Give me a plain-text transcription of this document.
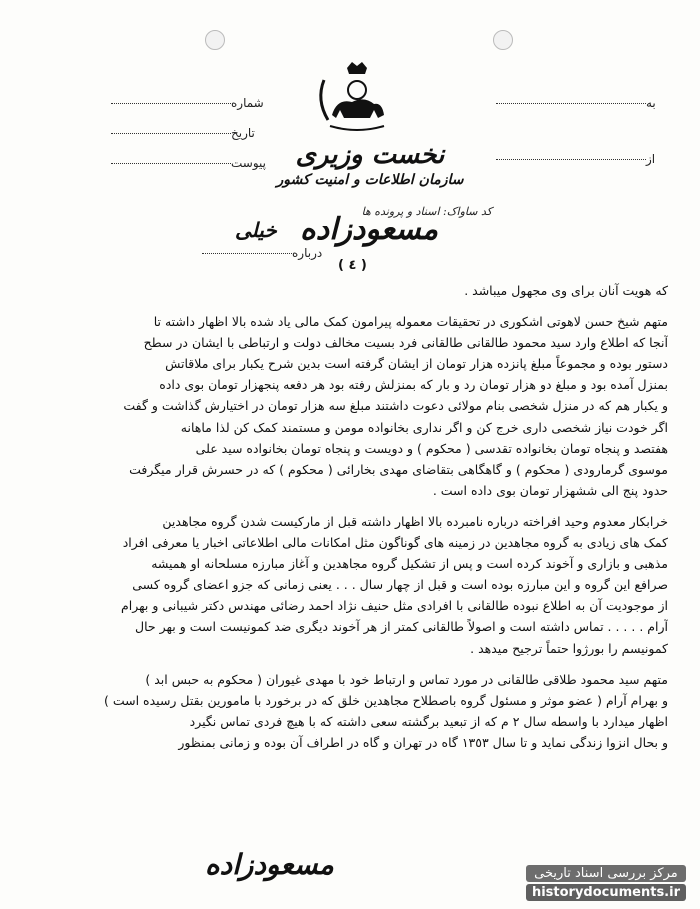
نخست وزیری
سازمان اطلاعات و امنیت کشور
کد ساواک: اسناد و پرونده ها
مسعودزاده
خیلی
شماره
تاریخ
پیوست
به
از
درباره
( ٤ )
که هویت آنان برای وی مجهول میباشد .
متهم شیخ حسن لاهوتی اشکوری در تحقیقات معموله پیرامون کمک مالی یاد شده بالا اظهار داشته تا
آنجا که اطلاع وارد سید محمود طالقانی طالقانی فرد بسیت مخالف دولت و ارتباطی با ایشان در سطح
دستور بوده و مجموعاً مبلغ پانزده هزار تومان از ایشان گرفته است بدین شرح یکبار برای ملاقاتش
بمنزل آمده بود و مبلغ دو هزار تومان رد و بار که بمنزلش رفته بود هر دفعه پنجهزار تومان بوی داده
و یکبار هم که در منزل شخصی بنام مولائی دعوت داشتند مبلغ سه هزار تومان در اختیارش گذاشت و گفت
اگر خودت نیاز شخصی داری خرج کن و اگر نداری بخانواده مومن و مستمند کمک کن لذا ماهانه
هفتصد و پنجاه تومان بخانواده تقدسی ( محکوم ) و دویست و پنجاه تومان بخانواده سید علی
موسوی گرمارودی ( محکوم ) و گاهگاهی بتقاضای مهدی بخارائی ( محکوم ) که در حسرش قرار میگرفت
حدود پنج الی ششهزار تومان بوی داده است .
خرابکار معدوم وحید افراخته درباره نامبرده بالا اظهار داشته قبل از مارکیست شدن گروه مجاهدین
کمک های زیادی به گروه مجاهدین در زمینه های گوناگون مثل امکانات مالی اطلاعاتی اخبار یا معرفی افراد
مذهبی و بازاری و آخوند کرده است و پس از تشکیل گروه مجاهدین و آغاز مبارزه مسلحانه او همیشه
صرافع این گروه و این مبارزه بوده است و قبل از چهار سال . . . یعنی زمانی که جزو اعضای گروه کسی
از موجودیت آن به اطلاع نبوده طالقانی با افرادی مثل حنیف نژاد احمد رضائی مهندس دکتر شیبانی و بهرام
آرام . . . . . تماس داشته است و اصولاً طالقانی کمتر از هر آخوند دیگری ضد کمونیست است و بهر حال
کمونیسم را بورژوا حتماً ترجیح میدهد .
متهم سید محمود طلاقی طالقانی در مورد تماس و ارتباط خود با مهدی غیوران ( محکوم به حبس ابد )
و بهرام آرام ( عضو موثر و مسئول گروه باصطلاح مجاهدین خلق که در برخورد با مامورین بقتل رسیده است )
اظهار میدارد با واسطه سال ٢ م که از تبعید برگشته سعی داشته که با هیچ فردی تماس نگیرد
و بحال انزوا زندگی نماید و تا سال ١٣٥٣ گاه در تهران و گاه در اطراف آن بوده و زمانی بمنظور
مسعودزاده	مرکز بررسی اسناد تاریخی
historydocuments.ir
